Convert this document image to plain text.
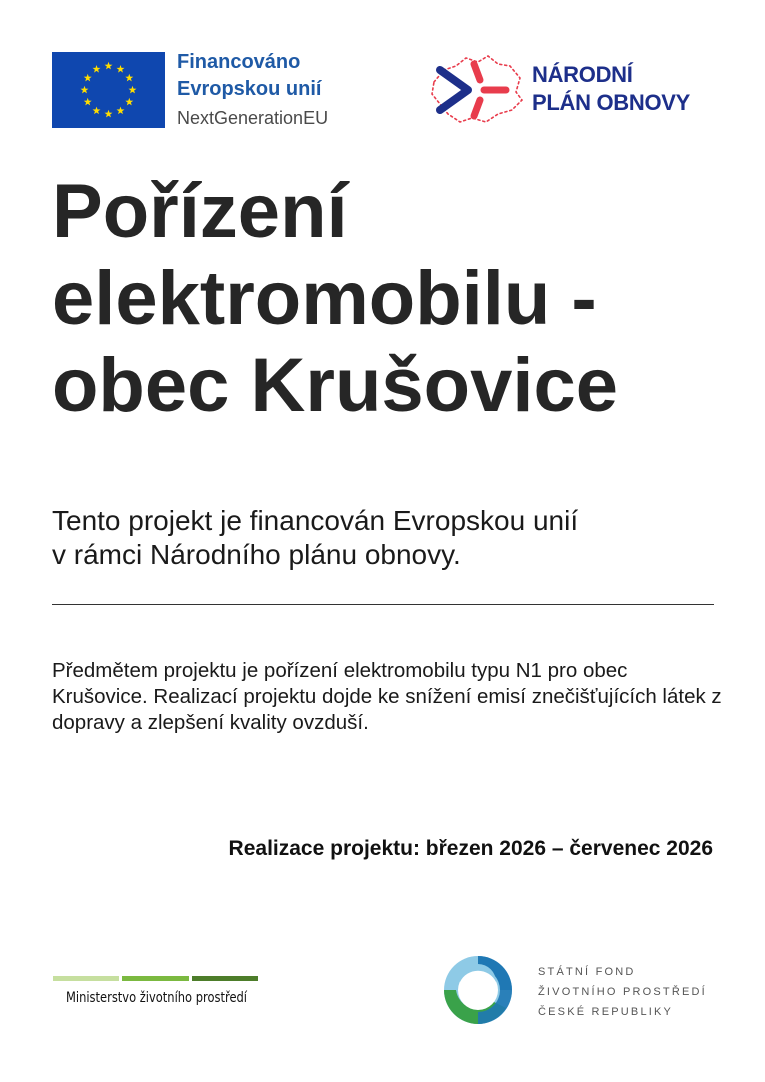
Financováno
Evropskou unií
NextGenerationEU
NÁRODNÍ
PLÁN OBNOVY
Pořízení
elektromobilu -
obec Krušovice
Tento projekt je financován Evropskou unií
v rámci Národního plánu obnovy.
Předmětem projektu je pořízení elektromobilu typu N1 pro obec Krušovice. Realizací projektu dojde ke snížení emisí znečišťujících látek z dopravy a zlepšení kvality ovzduší.
Realizace projektu: březen 2026 – červenec 2026
Ministerstvo životního prostředí
STÁTNÍ FOND
ŽIVOTNÍHO PROSTŘEDÍ
ČESKÉ REPUBLIKY
